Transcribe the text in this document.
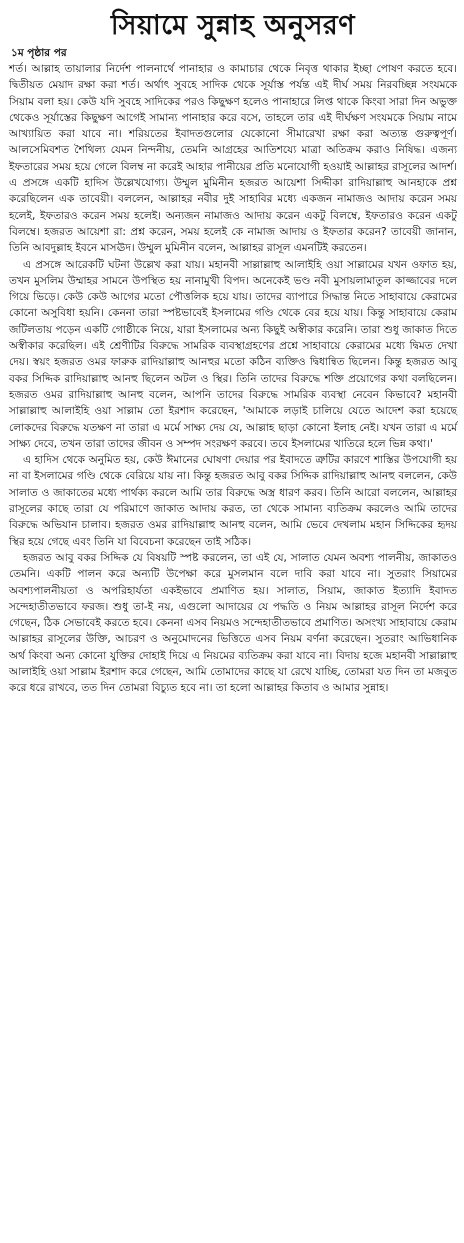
সিয়ামে সুন্নাহ অনুসরণ
১ম পৃষ্ঠার পর

শর্ত। আল্লাহ তায়ালার নির্দেশ পালনার্থে পানাহার ও কামাচার থেকে নিবৃত্ত থাকার ইচ্ছা পোষণ করতে হবে। দ্বিতীয়ত মেয়াদ রক্ষা করা শর্ত। অর্থাৎ সুবহে সাদিক থেকে সূর্যাস্ত পর্যন্ত এই দীর্ঘ সময় নিরবচ্ছিন্ন সংযমকে সিয়াম বলা হয়। কেউ যদি সুবহে সাদিকের পরও কিছুক্ষণ হলেও পানাহারে লিপ্ত থাকে কিংবা সারা দিন অভুক্ত থেকেও সূর্যাস্তের কিছুক্ষণ আগেই সামান্য পানাহার করে বসে, তাহলে তার এই দীর্ঘক্ষণ সংযমকে সিয়াম নামে আখ্যায়িত করা যাবে না। শরিয়তের ইবাদতগুলোর যেকোনো সীমারেখা রক্ষা করা অত্যন্ত গুরুত্বপূর্ণ। আলসেমিবশত শৈথিল্য যেমন নিন্দনীয়, তেমনি আগ্রহের আতিশয্যে মাত্রা অতিক্রম করাও নিষিদ্ধ। এজন্য ইফতারের সময় হয়ে গেলে বিলম্ব না করেই আহার পানীয়ের প্রতি মনোযোগী হওয়াই আল্লাহর রাসূলের আদর্শ। এ প্রসঙ্গে একটি হাদিস উল্লেখযোগ্য। উম্মুল মুমিনীন হজরত আয়েশা সিদ্দীকা রাদিয়াল্লাহু আনহাকে প্রশ্ন করেছিলেন এক তাবেয়ী। বললেন, আল্লাহর নবীর দুই সাহাবির মধ্যে একজন নামাজও আদায় করেন সময় হলেই, ইফতারও করেন সময় হলেই। অন্যজন নামাজও আদায় করেন একটু বিলম্বে, ইফতারও করেন একটু বিলম্বে। হজরত আয়েশা রা: প্রশ্ন করেন, সময় হলেই কে নামাজ আদায় ও ইফতার করেন? তাবেয়ী জানান, তিনি আবদুল্লাহ ইবনে মাসঊদ। উম্মুল মুমিনীন বলেন, আল্লাহর রাসূল এমনটিই করতেন।

এ প্রসঙ্গে আরেকটি ঘটনা উল্লেখ করা যায়। মহানবী সাল্লাল্লাহু আলাইহি ওয়া সাল্লামের যখন ওফাত হয়, তখন মুসলিম উম্মাহর সামনে উপস্থিত হয় নানামুখী বিপদ। অনেকেই ভণ্ড নবী মুসায়লামাতুল কাজ্জাবের দলে গিয়ে ভিড়ে। কেউ কেউ আগের মতো পৌত্তলিক হয়ে যায়। তাদের ব্যাপারে সিদ্ধান্ত নিতে সাহাবায়ে কেরামের কোনো অসুবিধা হয়নি। কেননা তারা স্পষ্টভাবেই ইসলামের গণ্ডি থেকে বের হয়ে যায়। কিন্তু সাহাবায়ে কেরাম জটিলতায় পড়েন একটি গোষ্ঠীকে নিয়ে, যারা ইসলামের অন্য কিছুই অস্বীকার করেনি। তারা শুধু জাকাত দিতে অস্বীকার করেছিল। এই শ্রেণীটির বিরুদ্ধে সামরিক ব্যবস্থাগ্রহণের প্রশ্নে সাহাবায়ে কেরামের মধ্যে দ্বিমত দেখা দেয়। স্বয়ং হজরত ওমর ফারুক রাদিয়াল্লাহু আনহুর মতো কঠিন ব্যক্তিও দ্বিধান্বিত ছিলেন। কিন্তু হজরত আবু বকর সিদ্দিক রাদিয়াল্লাহু আনহু ছিলেন অটল ও স্থির। তিনি তাদের বিরুদ্ধে শক্তি প্রয়োগের কথা বলছিলেন। হজরত ওমর রাদিয়াল্লাহু আনহু বলেন, আপনি তাদের বিরুদ্ধে সামরিক ব্যবস্থা নেবেন কিভাবে? মহানবী সাল্লাল্লাহু আলাইহি ওয়া সাল্লাম তো ইরশাদ করেছেন, 'আমাকে লড়াই চালিয়ে যেতে আদেশ করা হয়েছে লোকদের বিরুদ্ধে যতক্ষণ না তারা এ মর্মে সাক্ষ্য দেয় যে, আল্লাহ ছাড়া কোনো ইলাহ নেই। যখন তারা এ মর্মে সাক্ষ্য দেবে, তখন তারা তাদের জীবন ও সম্পদ সংরক্ষণ করবে। তবে ইসলামের খাতিরে হলে ভিন্ন কথা।'

এ হাদিস থেকে অনুমিত হয়, কেউ ঈমানের ঘোষণা দেয়ার পর ইবাদতে ত্রুটির কারণে শাস্তির উপযোগী হয় না বা ইসলামের গণ্ডি থেকে বেরিয়ে যায় না। কিন্তু হজরত আবু বকর সিদ্দিক রাদিয়াল্লাহু আনহু বললেন, কেউ সালাত ও জাকাতের মধ্যে পার্থক্য করলে আমি তার বিরুদ্ধে অস্ত্র ধারণ করব। তিনি আরো বললেন, আল্লাহর রাসূলের কাছে তারা যে পরিমাণে জাকাত আদায় করত, তা থেকে সামান্য ব্যতিক্রম করলেও আমি তাদের বিরুদ্ধে অভিযান চালাব। হজরত ওমর রাদিয়াল্লাহু আনহু বলেন, আমি ভেবে দেখলাম মহান সিদ্দিকের হৃদয় স্থির হয়ে গেছে এবং তিনি যা বিবেচনা করেছেন তাই সঠিক।

হজরত আবু বকর সিদ্দিক যে বিষয়টি স্পষ্ট করলেন, তা এই যে, সালাত যেমন অবশ্য পালনীয়, জাকাতও তেমনি। একটি পালন করে অন্যটি উপেক্ষা করে মুসলমান বলে দাবি করা যাবে না। সুতরাং সিয়ামের অবশ্যপালনীয়তা ও অপরিহার্যতা একইভাবে প্রমাণিত হয়। সালাত, সিয়াম, জাকাত ইত্যাদি ইবাদত সন্দেহাতীতভাবে ফরজ। শুধু তা-ই নয়, এগুলো আদায়ের যে পদ্ধতি ও নিয়ম আল্লাহর রাসূল নির্দেশ করে গেছেন, ঠিক সেভাবেই করতে হবে। কেননা এসব নিয়মও সন্দেহাতীতভাবে প্রমাণিত। অসংখ্য সাহাবায়ে কেরাম আল্লাহর রাসূলের উক্তি, আচরণ ও অনুমোদনের ভিত্তিতে এসব নিয়ম বর্ণনা করেছেন। সুতরাং আভিধানিক অর্থ কিংবা অন্য কোনো যুক্তির দোহাই দিয়ে এ নিয়মের ব্যতিক্রম করা যাবে না। বিদায় হজে মহানবী সাল্লাল্লাহু আলাইহি ওয়া সাল্লাম ইরশাদ করে গেছেন, আমি তোমাদের কাছে যা রেখে যাচ্ছি, তোমরা যত দিন তা মজবুত করে ধরে রাখবে, তত দিন তোমরা বিচ্যুত হবে না। তা হলো আল্লাহর কিতাব ও আমার সুন্নাহ।
